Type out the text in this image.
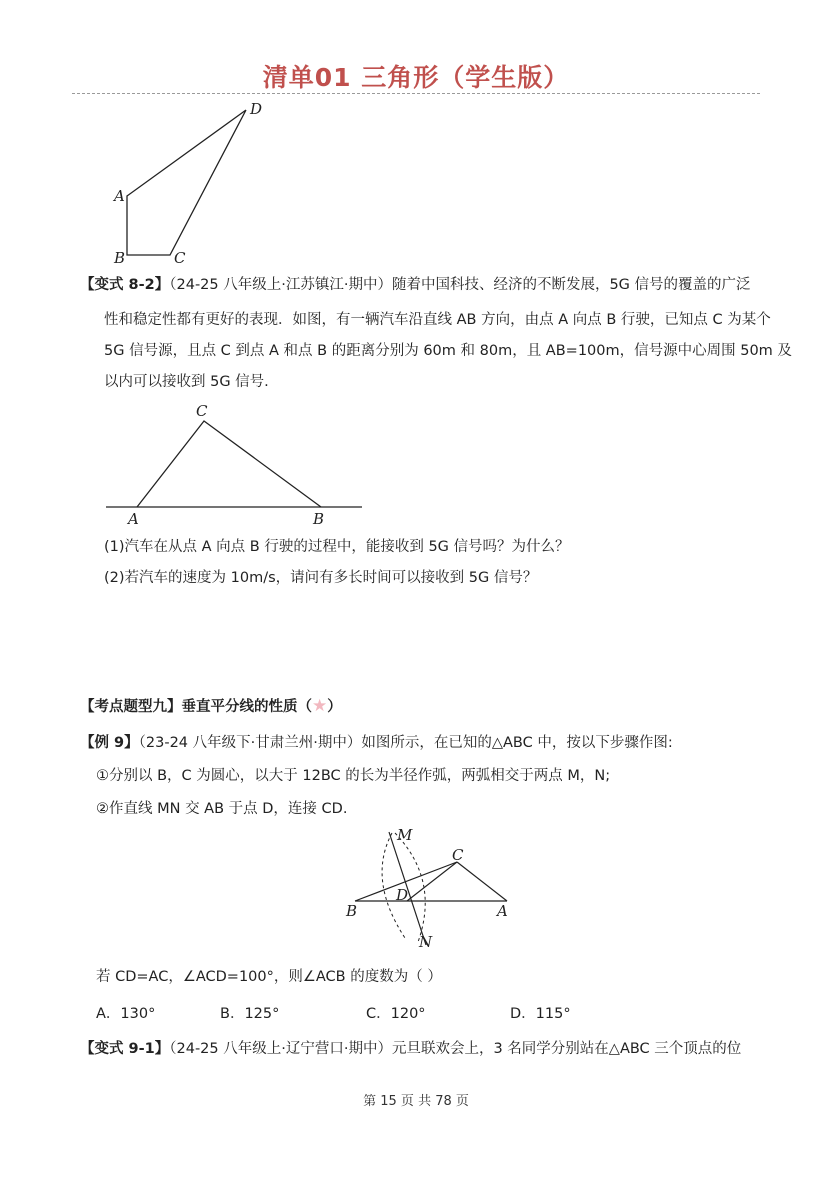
清单01 三角形（学生版）
D
A
B	C
【变式 8-2】（24-25 八年级上·江苏镇江·期中）随着中国科技、经济的不断发展，5G 信号的覆盖的广泛
性和稳定性都有更好的表现．如图，有一辆汽车沿直线 AB 方向，由点 A 向点 B 行驶，已知点 C 为某个
5G 信号源，且点 C 到点 A 和点 B 的距离分别为 60m 和 80m，且 AB=100m，信号源中心周围 50m 及
以内可以接收到 5G 信号.
C
A	B
(1)汽车在从点 A 向点 B 行驶的过程中，能接收到 5G 信号吗？为什么？
(2)若汽车的速度为 10m/s，请问有多长时间可以接收到 5G 信号？
【考点题型九】垂直平分线的性质（★）
【例 9】（23-24 八年级下·甘肃兰州·期中）如图所示，在已知的△ABC 中，按以下步骤作图:
①分别以 B，C 为圆心，以大于 12BC 的长为半径作弧，两弧相交于两点 M，N;
②作直线 MN 交 AB 于点 D，连接 CD.
M
C
D
B	A
N
若 CD=AC，∠ACD=100°，则∠ACB 的度数为（ ）
A．130°	B．125°	C．120°	D．115°
【变式 9-1】（24-25 八年级上·辽宁营口·期中）元旦联欢会上，3 名同学分别站在△ABC 三个顶点的位
第 15 页 共 78 页
